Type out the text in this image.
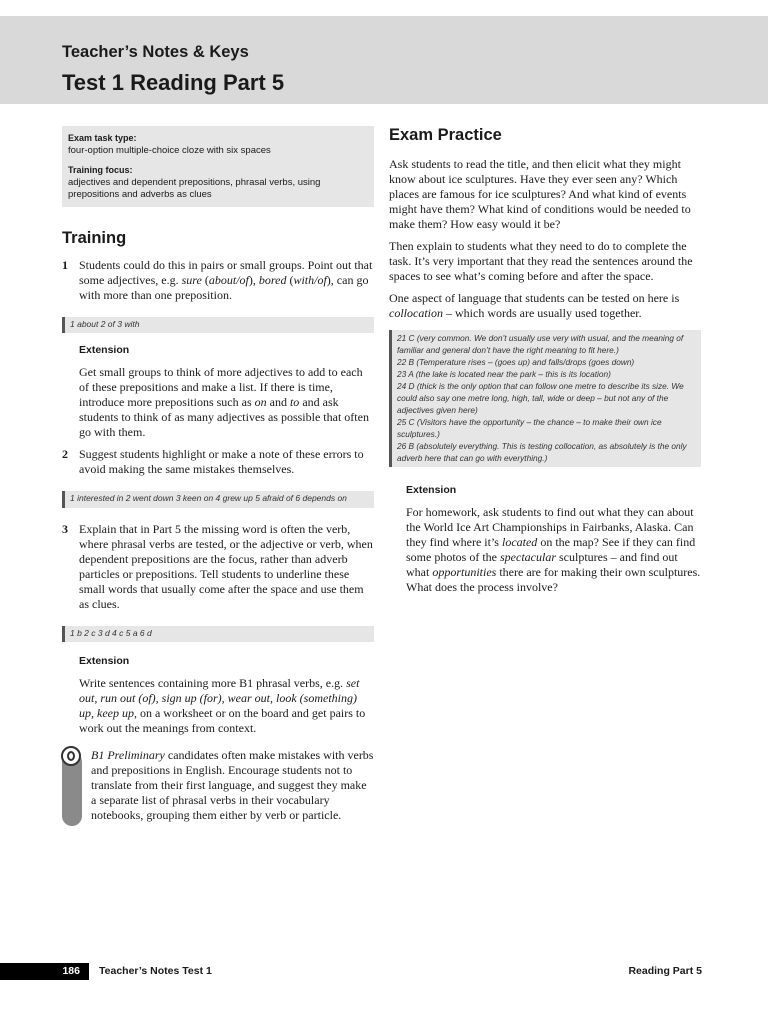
Teacher’s Notes & Keys
Test 1 Reading Part 5
Exam task type:
four-option multiple-choice cloze with six spaces
Training focus:
adjectives and dependent prepositions, phrasal verbs, using prepositions and adverbs as clues
Training
1 Students could do this in pairs or small groups. Point out that some adjectives, e.g. sure (about/of), bored (with/of), can go with more than one preposition.
1 about 2 of 3 with
Extension
Get small groups to think of more adjectives to add to each of these prepositions and make a list. If there is time, introduce more prepositions such as on and to and ask students to think of as many adjectives as possible that often go with them.
2 Suggest students highlight or make a note of these errors to avoid making the same mistakes themselves.
1 interested in 2 went down 3 keen on 4 grew up 5 afraid of 6 depends on
3 Explain that in Part 5 the missing word is often the verb, where phrasal verbs are tested, or the adjective or verb, when dependent prepositions are the focus, rather than adverb particles or prepositions. Tell students to underline these small words that usually come after the space and use them as clues.
1 b 2 c 3 d 4 c 5 a 6 d
Extension
Write sentences containing more B1 phrasal verbs, e.g. set out, run out (of), sign up (for), wear out, look (something) up, keep up, on a worksheet or on the board and get pairs to work out the meanings from context.
B1 Preliminary candidates often make mistakes with verbs and prepositions in English. Encourage students not to translate from their first language, and suggest they make a separate list of phrasal verbs in their vocabulary notebooks, grouping them either by verb or particle.
Exam Practice

Ask students to read the title, and then elicit what they might know about ice sculptures. Have they ever seen any? Which places are famous for ice sculptures? And what kind of events might have them? What kind of conditions would be needed to make them? How easy would it be?

Then explain to students what they need to do to complete the task. It’s very important that they read the sentences around the spaces to see what’s coming before and after the space.

One aspect of language that students can be tested on here is collocation – which words are usually used together.

21 C (very common. We don’t usually use very with usual, and the meaning of familiar and general don’t have the right meaning to fit here.)
22 B (Temperature rises – (goes up) and falls/drops (goes down)
23 A (the lake is located near the park – this is its location)
24 D (thick is the only option that can follow one metre to describe its size. We could also say one metre long, high, tall, wide or deep – but not any of the adjectives given here)
25 C (Visitors have the opportunity – the chance – to make their own ice sculptures.)
26 B (absolutely everything. This is testing collocation, as absolutely is the only adverb here that can go with everything.)
Extension
For homework, ask students to find out what they can about the World Ice Art Championships in Fairbanks, Alaska. Can they find where it’s located on the map? See if they can find some photos of the spectacular sculptures – and find out what opportunities there are for making their own sculptures. What does the process involve?
186 Teacher’s Notes Test 1	Reading Part 5
